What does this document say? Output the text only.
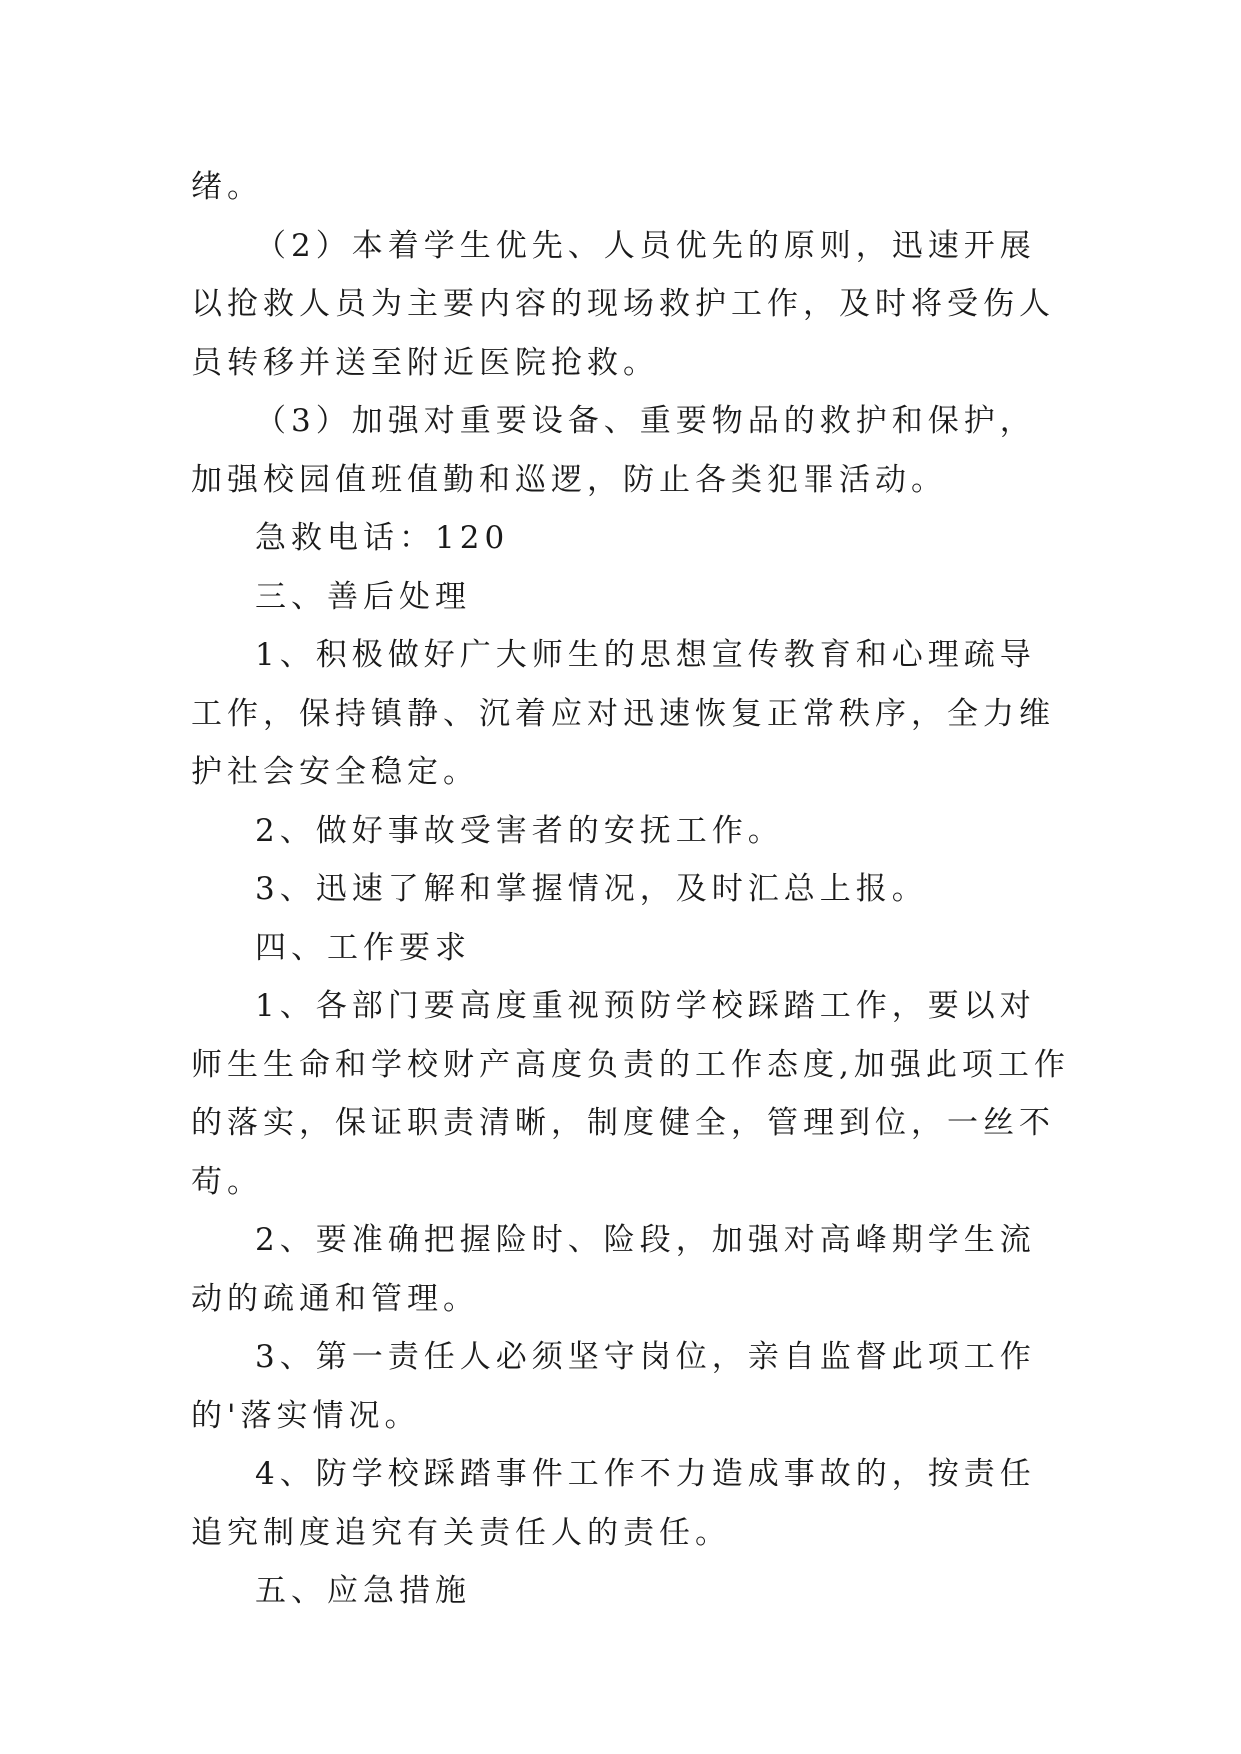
绪。

（2）本着学生优先、人员优先的原则，迅速开展以抢救人员为主要内容的现场救护工作，及时将受伤人员转移并送至附近医院抢救。

（3）加强对重要设备、重要物品的救护和保护，加强校园值班值勤和巡逻，防止各类犯罪活动。

急救电话：120

三、善后处理

1、积极做好广大师生的思想宣传教育和心理疏导工作，保持镇静、沉着应对迅速恢复正常秩序，全力维护社会安全稳定。

2、做好事故受害者的安抚工作。

3、迅速了解和掌握情况，及时汇总上报。

四、工作要求

1、各部门要高度重视预防学校踩踏工作，要以对师生生命和学校财产高度负责的工作态度,加强此项工作的落实，保证职责清晰，制度健全，管理到位，一丝不苟。

2、要准确把握险时、险段，加强对高峰期学生流动的疏通和管理。

3、第一责任人必须坚守岗位，亲自监督此项工作的'落实情况。

4、防学校踩踏事件工作不力造成事故的，按责任追究制度追究有关责任人的责任。

五、应急措施
